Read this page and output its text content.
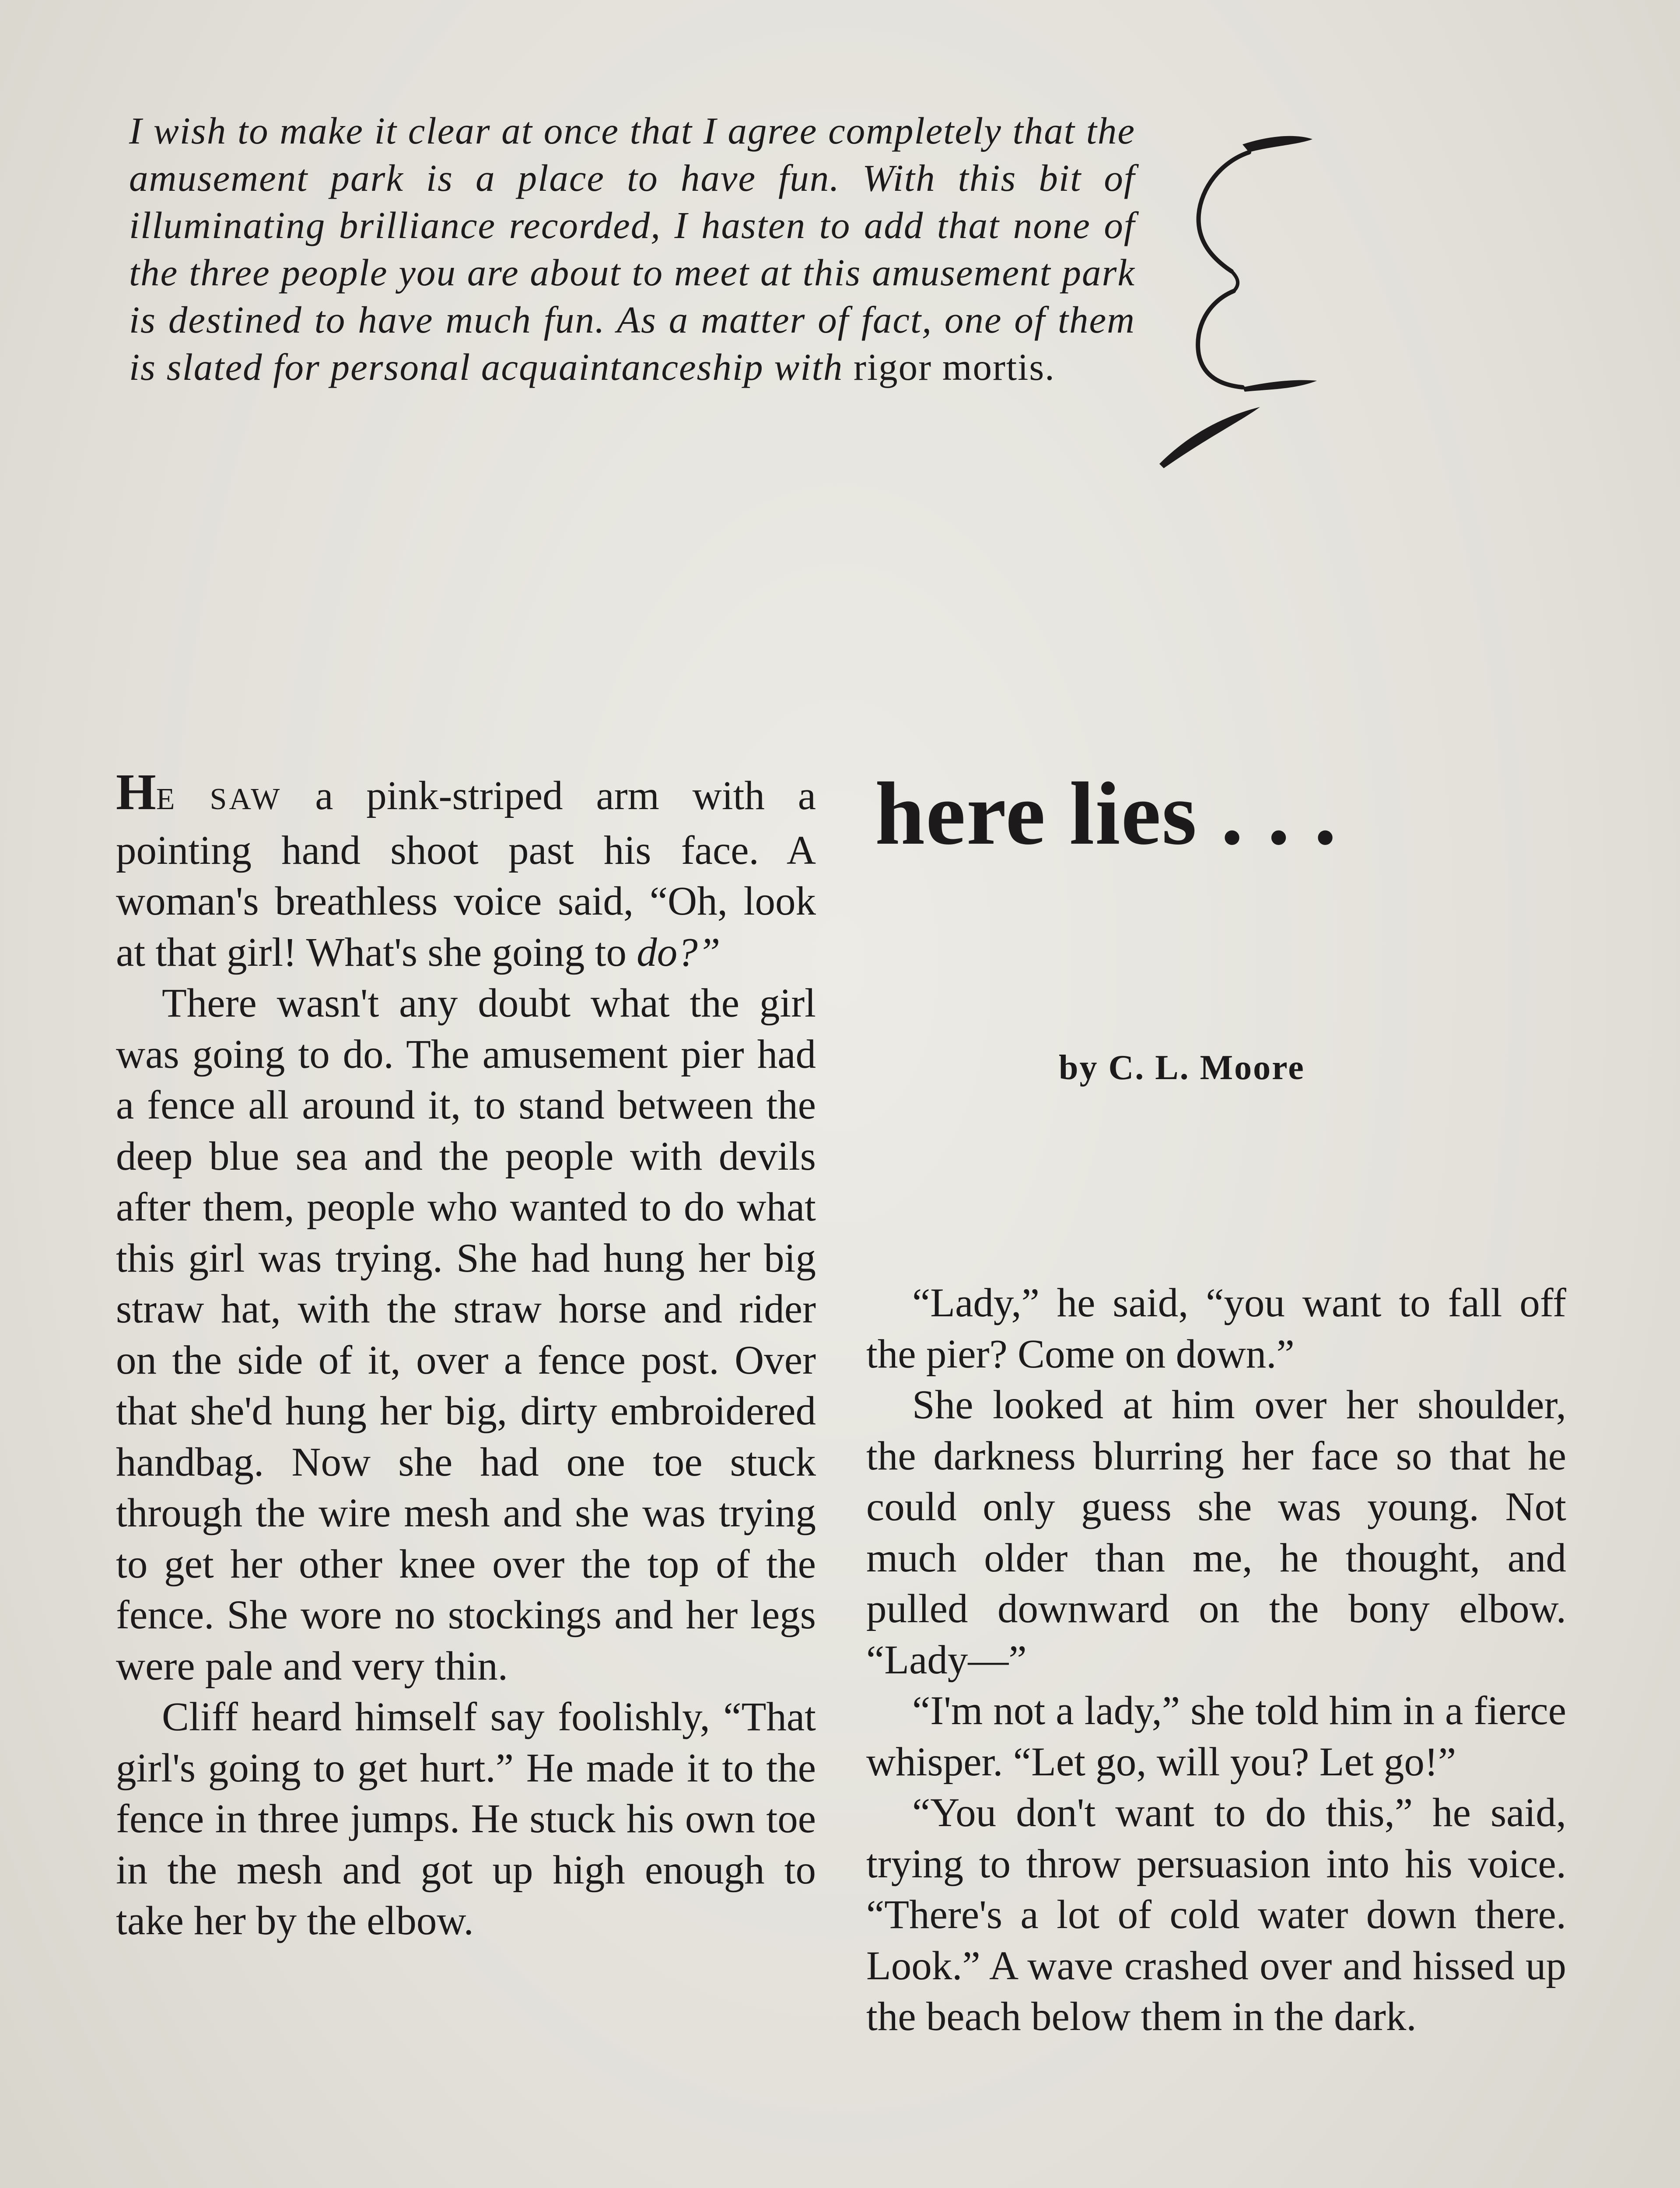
I wish to make it clear at once that I agree completely that the amusement park is a place to have fun. With this bit of illuminating brilliance recorded, I hasten to add that none of the three people you are about to meet at this amusement park is destined to have much fun. As a matter of fact, one of them is slated for personal acquaintanceship with rigor mortis.
here lies . . .
by C. L. Moore

HE SAW a pink-striped arm with a pointing hand shoot past his face. A woman's breathless voice said, “Oh, look at that girl! What's she going to do?”

There wasn't any doubt what the girl was going to do. The amusement pier had a fence all around it, to stand between the deep blue sea and the people with devils after them, people who wanted to do what this girl was trying. She had hung her big straw hat, with the straw horse and rider on the side of it, over a fence post. Over that she'd hung her big, dirty embroidered handbag. Now she had one toe stuck through the wire mesh and she was trying to get her other knee over the top of the fence. She wore no stockings and her legs were pale and very thin.

Cliff heard himself say foolishly, “That girl's going to get hurt.” He made it to the fence in three jumps. He stuck his own toe in the mesh and got up high enough to take her by the elbow.

“Lady,” he said, “you want to fall off the pier? Come on down.”

She looked at him over her shoulder, the darkness blurring her face so that he could only guess she was young. Not much older than me, he thought, and pulled downward on the bony elbow. “Lady—”

“I'm not a lady,” she told him in a fierce whisper. “Let go, will you? Let go!”

“You don't want to do this,” he said, trying to throw persuasion into his voice. “There's a lot of cold water down there. Look.” A wave crashed over and hissed up the beach below them in the dark.
